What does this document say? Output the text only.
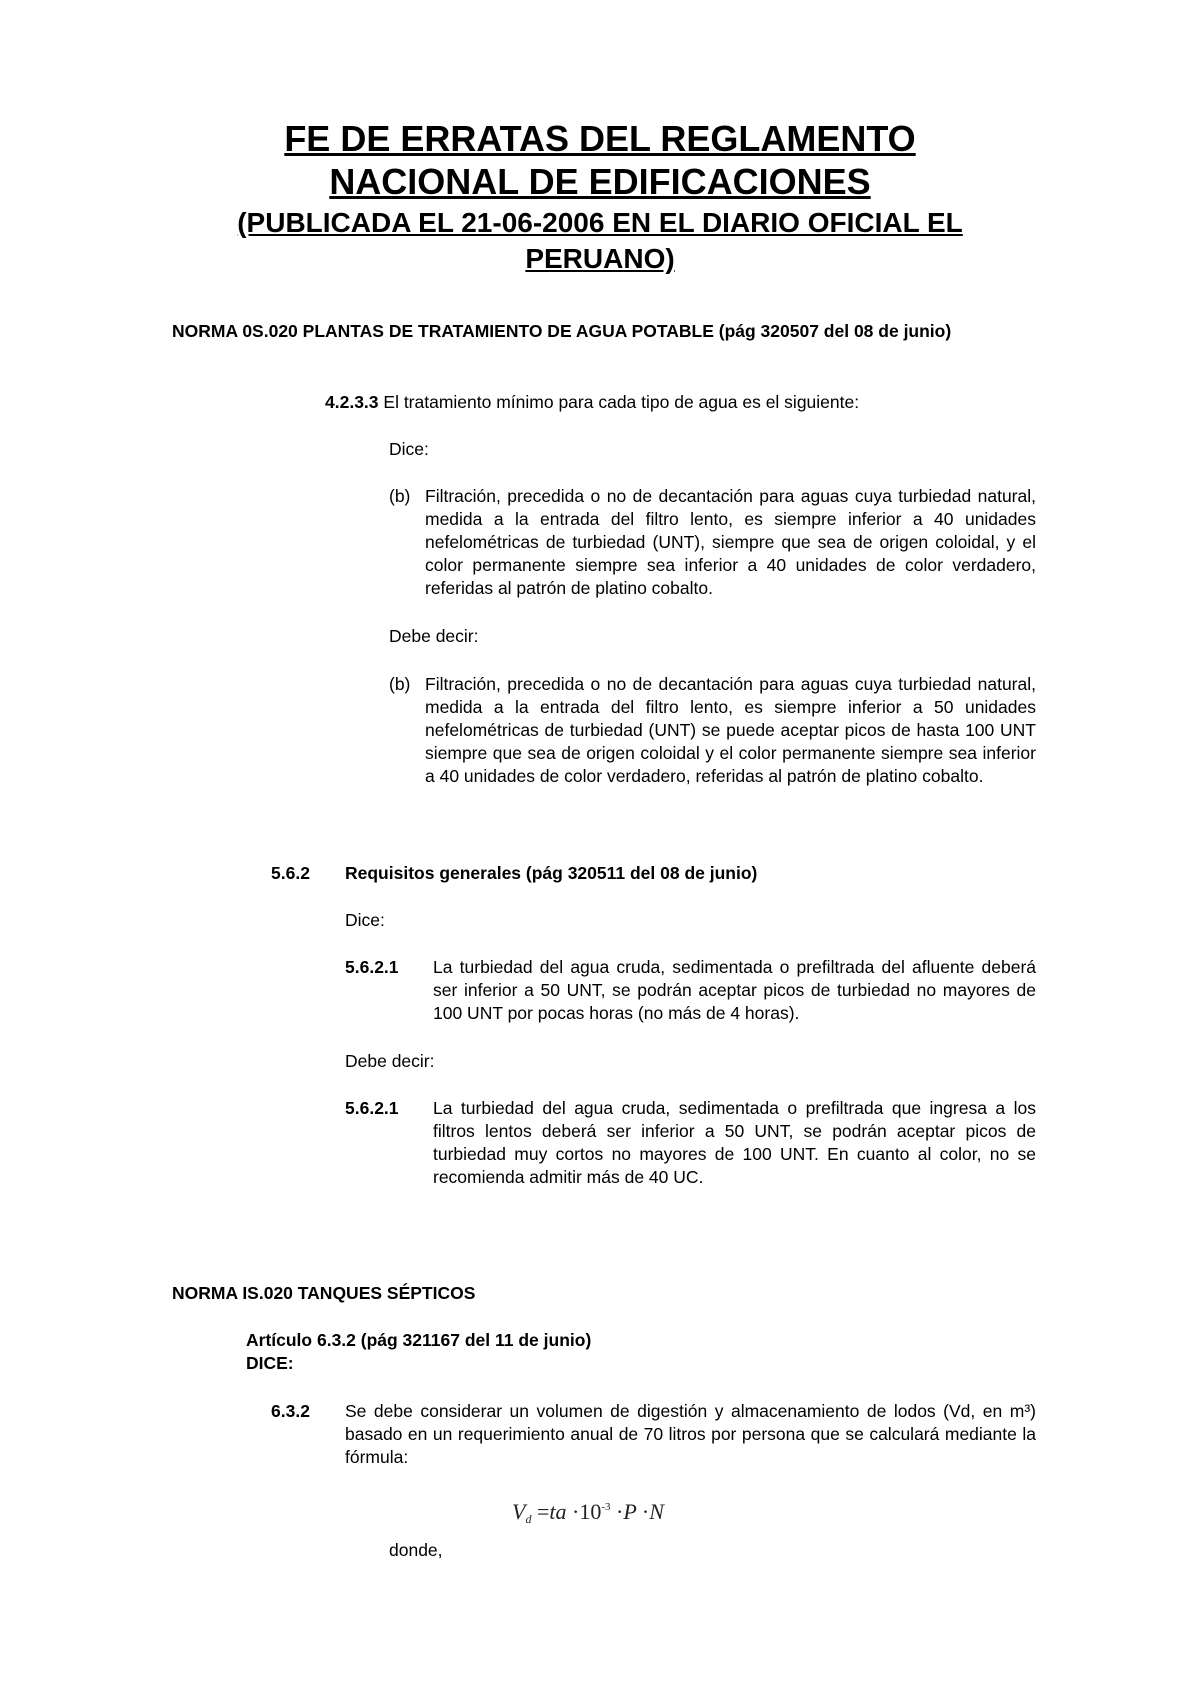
FE DE ERRATAS DEL REGLAMENTO
NACIONAL DE EDIFICACIONES
(PUBLICADA EL 21-06-2006 EN EL DIARIO OFICIAL EL PERUANO)
NORMA 0S.020 PLANTAS DE TRATAMIENTO DE AGUA POTABLE (pág 320507 del 08 de junio)
4.2.3.3 El tratamiento mínimo para cada tipo de agua es el siguiente:
Dice:
(b) Filtración, precedida o no de decantación para aguas cuya turbiedad natural, medida a la entrada del filtro lento, es siempre inferior a 40 unidades nefelométricas de turbiedad (UNT), siempre que sea de origen coloidal, y el color permanente siempre sea inferior a 40 unidades de color verdadero, referidas al patrón de platino cobalto.
Debe decir:
(b) Filtración, precedida o no de decantación para aguas cuya turbiedad natural, medida a la entrada del filtro lento, es siempre inferior a 50 unidades nefelométricas de turbiedad (UNT) se puede aceptar picos de hasta 100 UNT siempre que sea de origen coloidal y el color permanente siempre sea inferior a 40 unidades de color verdadero, referidas al patrón de platino cobalto.
5.6.2 Requisitos generales (pág 320511 del 08 de junio)
Dice:
5.6.2.1 La turbiedad del agua cruda, sedimentada o prefiltrada del afluente deberá ser inferior a 50 UNT, se podrán aceptar picos de turbiedad no mayores de 100 UNT por pocas horas (no más de 4 horas).
Debe decir:
5.6.2.1 La turbiedad del agua cruda, sedimentada o prefiltrada que ingresa a los filtros lentos deberá ser inferior a 50 UNT, se podrán aceptar picos de turbiedad muy cortos no mayores de 100 UNT. En cuanto al color, no se recomienda admitir más de 40 UC.
NORMA IS.020 TANQUES SÉPTICOS
Artículo 6.3.2 (pág 321167 del 11 de junio)
DICE:
6.3.2 Se debe considerar un volumen de digestión y almacenamiento de lodos (Vd, en m³) basado en un requerimiento anual de 70 litros por persona que se calculará mediante la fórmula:
$V_d =ta \cdot 10^{-3} \cdot P \cdot N$
donde,
